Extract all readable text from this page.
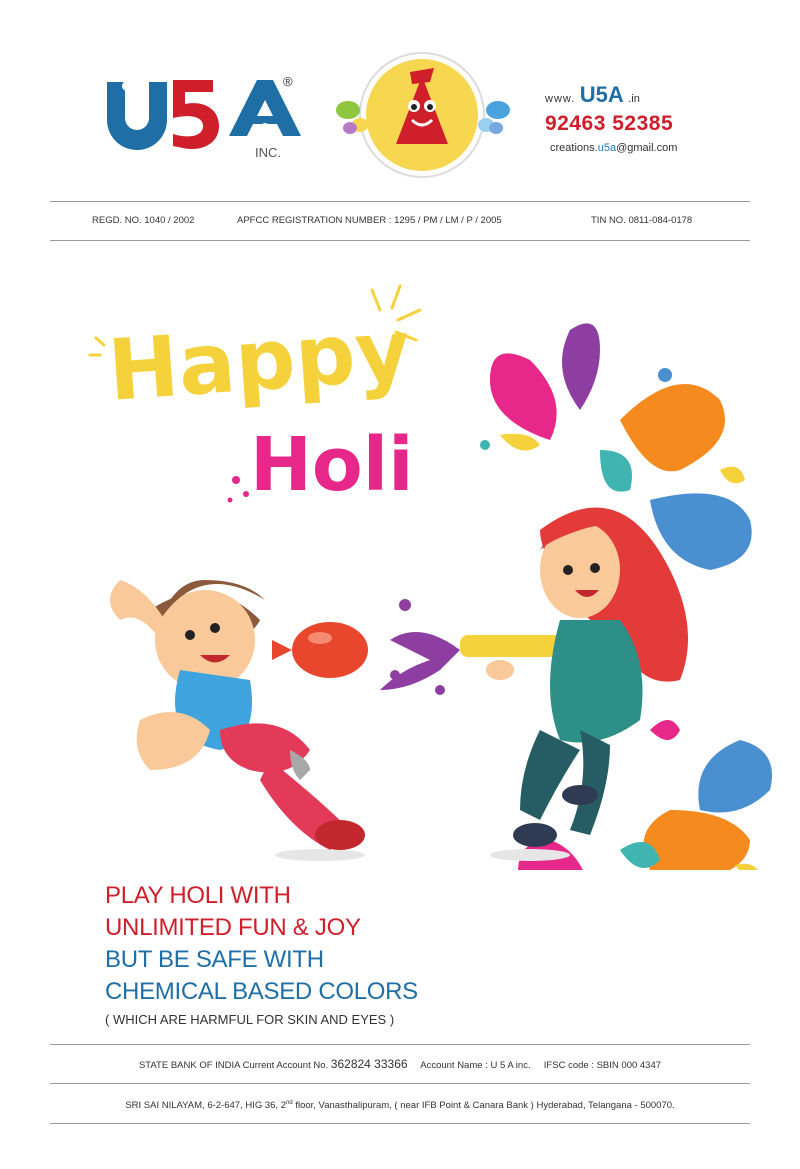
®
INC.
www. U5A .in
92463 52385
creations.u5a@gmail.com
REGD. NO. 1040 / 2002	APFCC REGISTRATION NUMBER : 1295 / PM / LM / P / 2005	TIN NO. 0811-084-0178
Happy
Holi
PLAY HOLI WITH
UNLIMITED FUN & JOY
BUT BE SAFE WITH
CHEMICAL BASED COLORS
( WHICH ARE HARMFUL FOR SKIN AND EYES )
STATE BANK OF INDIA Current Account No. 362824 33366 Account Name : U 5 A inc. IFSC code : SBIN 000 4347
SRI SAI NILAYAM, 6-2-647, HIG 36, 2nd floor, Vanasthalipuram, ( near IFB Point & Canara Bank ) Hyderabad, Telangana - 500070.
